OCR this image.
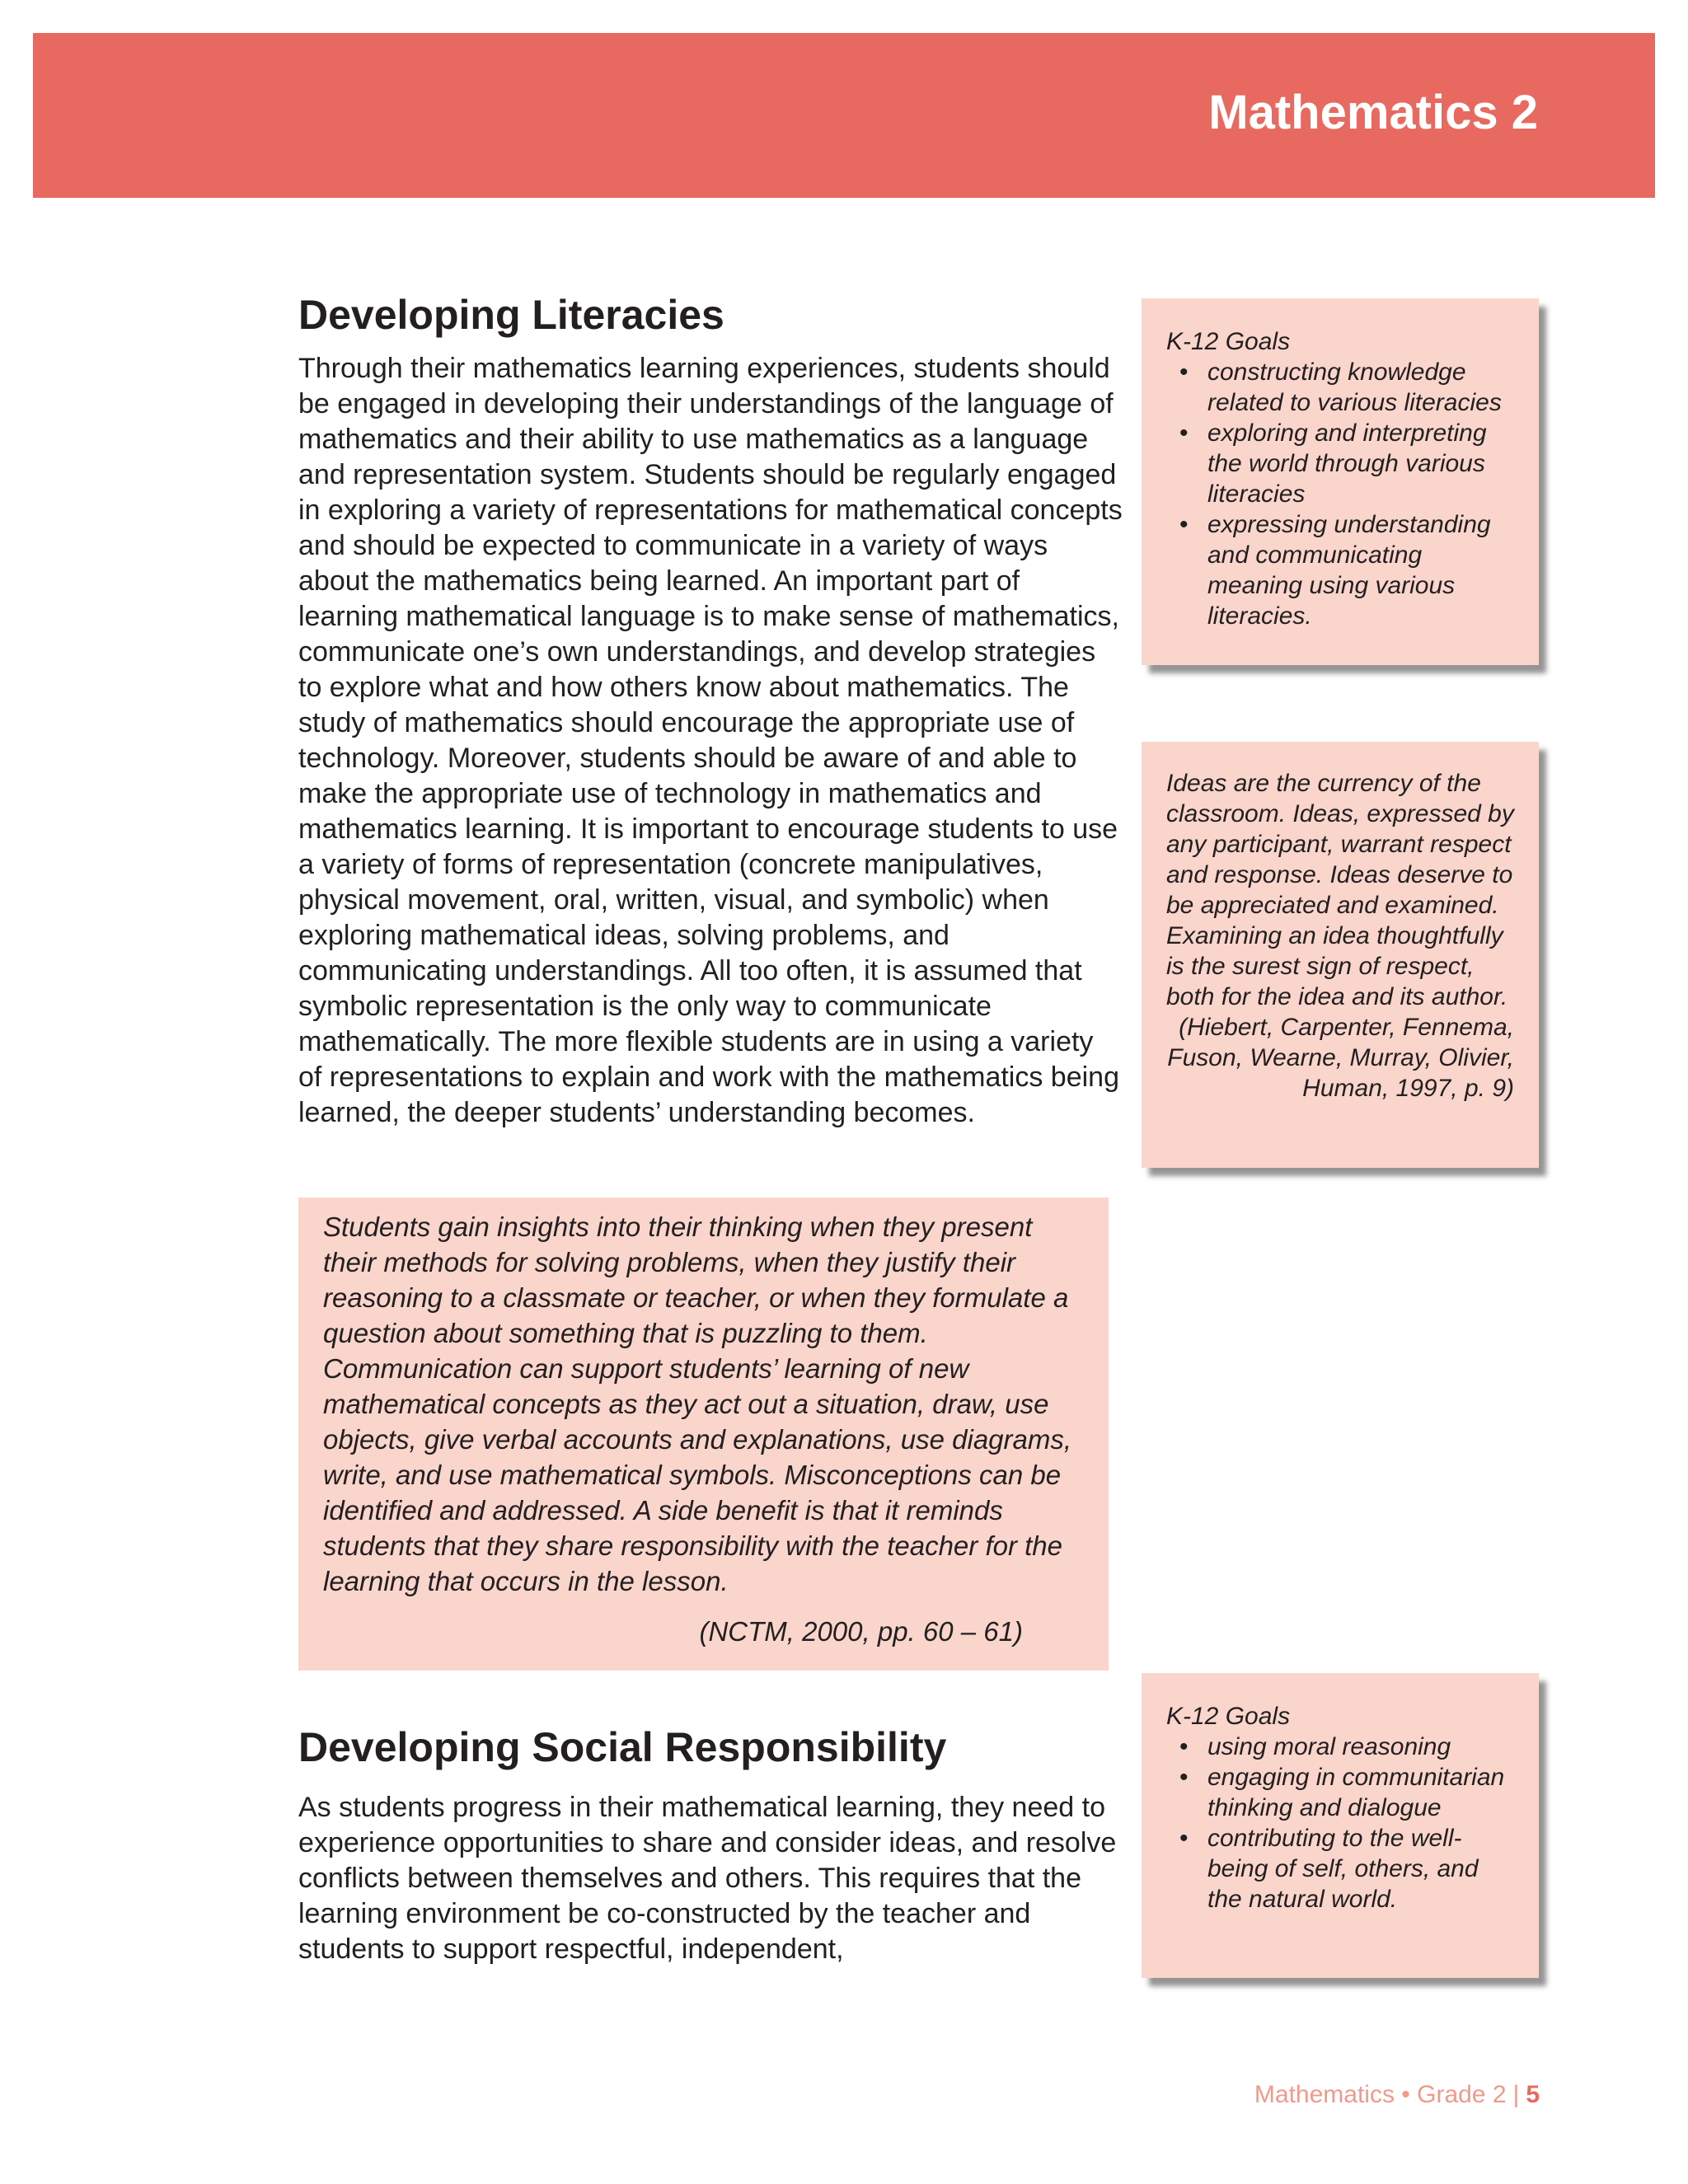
Mathematics 2
Developing Literacies

Through their mathematics learning experiences, students should be engaged in developing their understandings of the language of mathematics and their ability to use mathematics as a language and representation system. Students should be regularly engaged in exploring a variety of representations for mathematical concepts and should be expected to communicate in a variety of ways about the mathematics being learned. An important part of learning mathematical language is to make sense of mathematics, communicate one’s own understandings, and develop strategies to explore what and how others know about mathematics. The study of mathematics should encourage the appropriate use of technology. Moreover, students should be aware of and able to make the appropriate use of technology in mathematics and mathematics learning. It is important to encourage students to use a variety of forms of representation (concrete manipulatives, physical movement, oral, written, visual, and symbolic) when exploring mathematical ideas, solving problems, and communicating understandings. All too often, it is assumed that symbolic representation is the only way to communicate mathematically. The more flexible students are in using a variety of representations to explain and work with the mathematics being learned, the deeper students’ understanding becomes.

Students gain insights into their thinking when they present their methods for solving problems, when they justify their reasoning to a classmate or teacher, or when they formulate a question about something that is puzzling to them. Communication can support students’ learning of new mathematical concepts as they act out a situation, draw, use objects, give verbal accounts and explanations, use diagrams, write, and use mathematical symbols. Misconceptions can be identified and addressed. A side benefit is that it reminds students that they share responsibility with the teacher for the learning that occurs in the lesson.

(NCTM, 2000, pp. 60 – 61)

Developing Social Responsibility

As students progress in their mathematical learning, they need to experience opportunities to share and consider ideas, and resolve conflicts between themselves and others. This requires that the learning environment be co-constructed by the teacher and students to support respectful, independent,

K-12 Goals

• constructing knowledge related to various literacies
• exploring and interpreting the world through various literacies
• expressing understanding and communicating meaning using various literacies.

Ideas are the currency of the classroom. Ideas, expressed by any participant, warrant respect and response. Ideas deserve to be appreciated and examined. Examining an idea thoughtfully is the surest sign of respect, both for the idea and its author.

(Hiebert, Carpenter, Fennema,

Fuson, Wearne, Murray, Olivier,

Human, 1997, p. 9)

K-12 Goals

• using moral reasoning
• engaging in communitarian thinking and dialogue
• contributing to the well-being of self, others, and the natural world.
Mathematics • Grade 2 | 5
